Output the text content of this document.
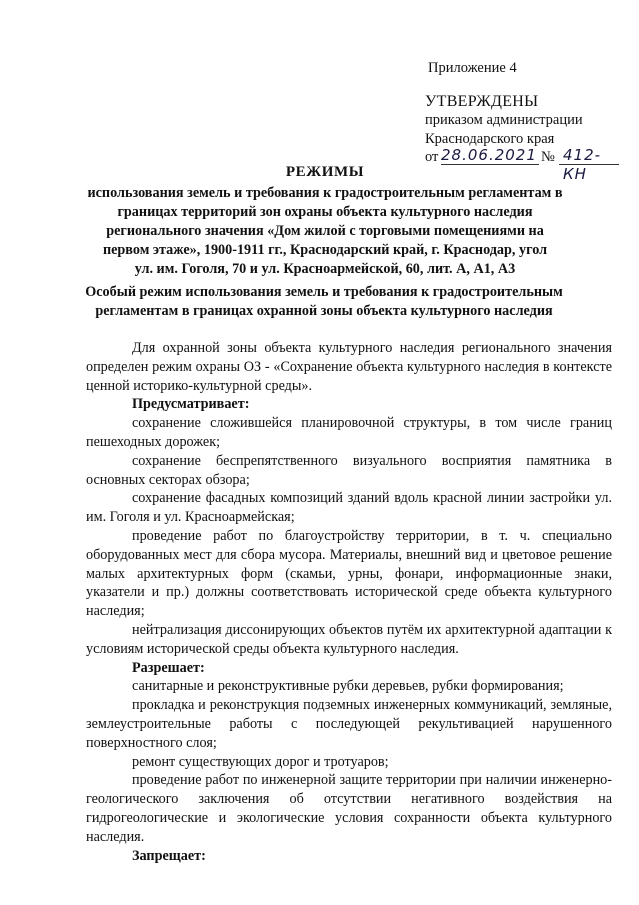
Приложение 4
УТВЕРЖДЕНЫ
приказом администрации
Краснодарского края
от 28.06.2021 № 412-КН
РЕЖИМЫ
использования земель и требования к градостроительным регламентам в
границах территорий зон охраны объекта культурного наследия
регионального значения «Дом жилой с торговыми помещениями на
первом этаже», 1900-1911 гг., Краснодарский край, г. Краснодар, угол
ул. им. Гоголя, 70 и ул. Красноармейской, 60, лит. А, А1, А3
Особый режим использования земель и требования к градостроительным
регламентам в границах охранной зоны объекта культурного наследия

Для охранной зоны объекта культурного наследия регионального значения определен режим охраны ОЗ - «Сохранение объекта культурного наследия в контексте ценной историко-культурной среды».

Предусматривает:

сохранение сложившейся планировочной структуры, в том числе границ пешеходных дорожек;

сохранение беспрепятственного визуального восприятия памятника в основных секторах обзора;

сохранение фасадных композиций зданий вдоль красной линии застройки ул. им. Гоголя и ул. Красноармейская;

проведение работ по благоустройству территории, в т. ч. специально оборудованных мест для сбора мусора. Материалы, внешний вид и цветовое решение малых архитектурных форм (скамьи, урны, фонари, информационные знаки, указатели и пр.) должны соответствовать исторической среде объекта культурного наследия;

нейтрализация диссонирующих объектов путём их архитектурной адаптации к условиям исторической среды объекта культурного наследия.

Разрешает:

санитарные и реконструктивные рубки деревьев, рубки формирования;

прокладка и реконструкция подземных инженерных коммуникаций, земляные, землеустроительные работы с последующей рекультивацией нарушенного поверхностного слоя;

ремонт существующих дорог и тротуаров;

проведение работ по инженерной защите территории при наличии инженерно-геологического заключения об отсутствии негативного воздействия на гидрогеологические и экологические условия сохранности объекта культурного наследия.

Запрещает:
